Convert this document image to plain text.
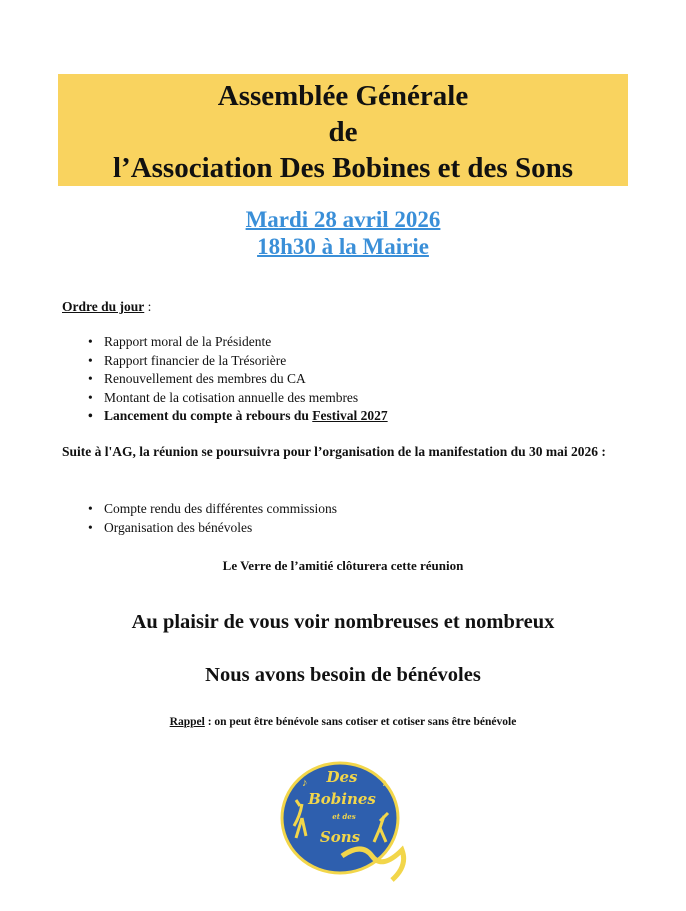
Assemblée Générale
de
l’Association Des Bobines et des Sons
Mardi 28 avril 2026
18h30 à la Mairie
Ordre du jour :
• Rapport moral de la Présidente
• Rapport financier de la Trésorière
• Renouvellement des membres du CA
• Montant de la cotisation annuelle des membres
• Lancement du compte à rebours du Festival 2027
Suite à l'AG, la réunion se poursuivra pour l’organisation de la manifestation du 30 mai 2026 :
• Compte rendu des différentes commissions
• Organisation des bénévoles
Le Verre de l’amitié clôturera cette réunion
Au plaisir de vous voir nombreuses et nombreux
Nous avons besoin de bénévoles
Rappel : on peut être bénévole sans cotiser et cotiser sans être bénévole
Des
Bobines
et des
Sons
♪	♪
